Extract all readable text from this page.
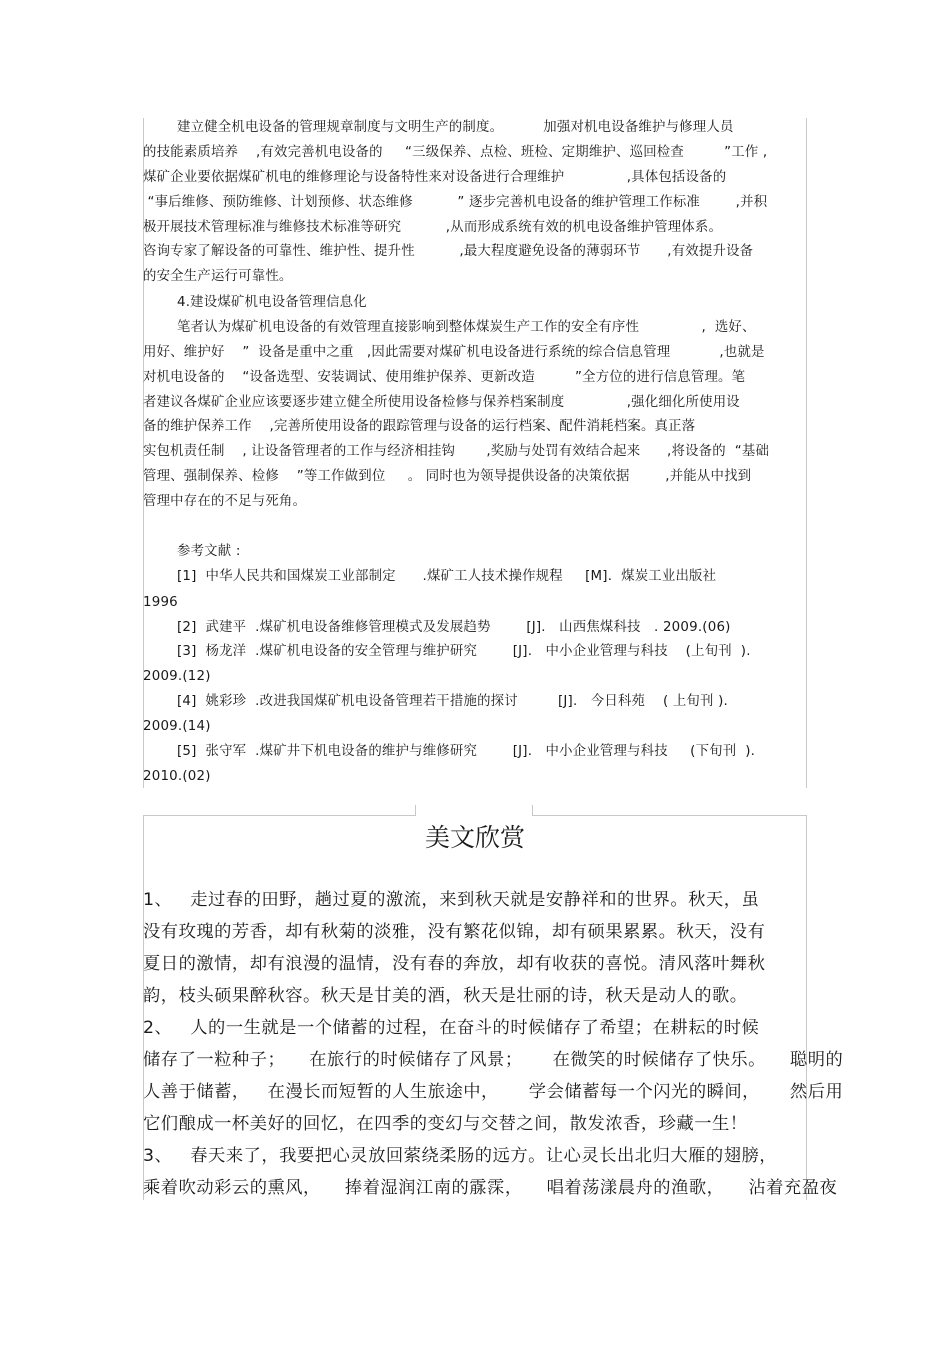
建立健全机电设备的管理规章制度与文明生产的制度。         加强对机电设备维护与修理人员
的技能素质培养    ,有效完善机电设备的     “三级保养、点检、班检、定期维护、巡回检查         ”工作 ,
煤矿企业要依据煤矿机电的维修理论与设备特性来对设备进行合理维护              ,具体包括设备的
“事后维修、预防维修、计划预修、状态维修          ” 逐步完善机电设备的维护管理工作标准        ,并积
极开展技术管理标准与维修技术标准等研究          ,从而形成系统有效的机电设备维护管理体系。
咨询专家了解设备的可靠性、维护性、提升性          ,最大程度避免设备的薄弱环节      ,有效提升设备
的安全生产运行可靠性。
4.建设煤矿机电设备管理信息化
笔者认为煤矿机电设备的有效管理直接影响到整体煤炭生产工作的安全有序性              ,  选好、
用好、维护好    ”  设备是重中之重   ,因此需要对煤矿机电设备进行系统的综合信息管理           ,也就是
对机电设备的    “设备选型、安装调试、使用维护保养、更新改造         ”全方位的进行信息管理。笔
者建议各煤矿企业应该要逐步建立健全所使用设备检修与保养档案制度              ,强化细化所使用设
备的维护保养工作    ,完善所使用设备的跟踪管理与设备的运行档案、配件消耗档案。真正落
实包机责任制    , 让设备管理者的工作与经济相挂钩       ,奖励与处罚有效结合起来      ,将设备的  “基础
管理、强制保养、检修    ”等工作做到位     。 同时也为领导提供设备的决策依据        ,并能从中找到
管理中存在的不足与死角。
参考文献 :
[1]  中华人民共和国煤炭工业部制定      .煤矿工人技术操作规程     [M].  煤炭工业出版社
1996
[2]  武建平  .煤矿机电设备维修管理模式及发展趋势        [J].   山西焦煤科技   . 2009.(06)
[3]  杨龙洋  .煤矿机电设备的安全管理与维护研究        [J].   中小企业管理与科技    (上旬刊  ).
2009.(12)
[4]  姚彩珍  .改进我国煤矿机电设备管理若干措施的探讨         [J].   今日科苑    ( 上旬刊 ).
2009.(14)
[5]  张守军  .煤矿井下机电设备的维护与维修研究        [J].   中小企业管理与科技     (下旬刊  ).
2010.(02)
美文欣赏
1、   走过春的田野，趟过夏的激流，来到秋天就是安静祥和的世界。秋天，虽
没有玫瑰的芳香，却有秋菊的淡雅，没有繁花似锦，却有硕果累累。秋天，没有
夏日的激情，却有浪漫的温情，没有春的奔放，却有收获的喜悦。清风落叶舞秋
韵，枝头硕果醉秋容。秋天是甘美的酒，秋天是壮丽的诗，秋天是动人的歌。
2、   人的一生就是一个储蓄的过程，在奋斗的时候储存了希望；在耕耘的时候
储存了一粒种子；    在旅行的时候储存了风景；     在微笑的时候储存了快乐。    聪明的
人善于储蓄，   在漫长而短暂的人生旅途中，     学会储蓄每一个闪光的瞬间，     然后用
它们酿成一杯美好的回忆，在四季的变幻与交替之间，散发浓香，珍藏一生！
3、   春天来了，我要把心灵放回萦绕柔肠的远方。让心灵长出北归大雁的翅膀，
乘着吹动彩云的熏风，    捧着湿润江南的霡霂，    唱着荡漾晨舟的渔歌，    沾着充盈夜
